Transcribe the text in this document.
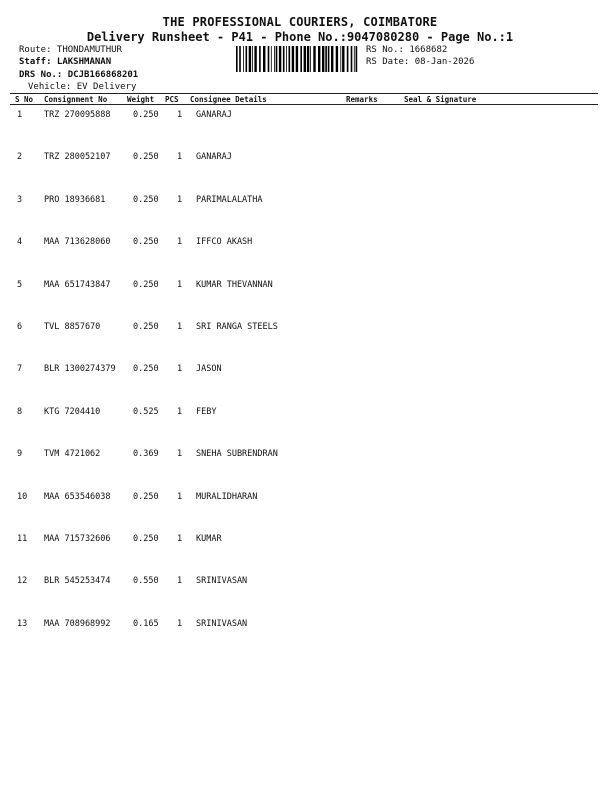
THE PROFESSIONAL COURIERS, COIMBATORE
Delivery Runsheet - P41 - Phone No.:9047080280 - Page No.:1
Route: THONDAMUTHUR
Staff: LAKSHMANAN
DRS No.: DCJB166868201
Vehicle: EV Delivery
RS No.: 1668682
RS Date: 08-Jan-2026
S No Consignment No	Weight PCS Consignee Details	Remarks	Seal & Signature
1	TRZ 270095888	0.250 1 GANARAJ
2	TRZ 280052107	0.250 1 GANARAJ
3	PRO 18936681	0.250 1 PARIMALALATHA
4	MAA 713628060	0.250 1 IFFCO AKASH
5	MAA 651743847	0.250 1 KUMAR THEVANNAN
6	TVL 8857670	0.250 1 SRI RANGA STEELS
7	BLR 1300274379 0.250 1 JASON
8	KTG 7204410	0.525 1 FEBY
9	TVM 4721062	0.369 1 SNEHA SUBRENDRAN
10 MAA 653546038	0.250 1 MURALIDHARAN
11 MAA 715732606	0.250 1 KUMAR
12 BLR 545253474	0.550 1 SRINIVASAN
13 MAA 708968992	0.165 1 SRINIVASAN
